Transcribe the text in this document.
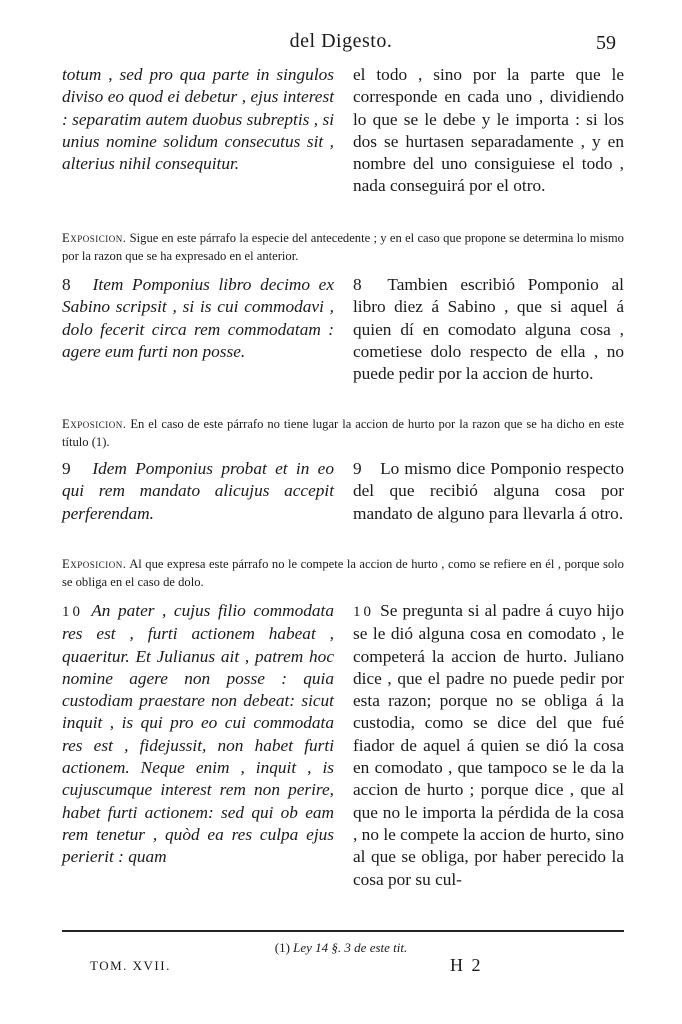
del Digesto.	59

totum , sed pro qua parte in singulos diviso eo quod ei debetur , ejus interest : separatim autem duobus subreptis , si unius nomine solidum consecutus sit , alterius nihil consequitur.

el todo , sino por la parte que le corresponde en cada uno , dividiendo lo que se le debe y le importa : si los dos se hurtasen separadamente , y en nombre del uno consiguiese el todo , nada conseguirá por el otro.

Exposicion. Sigue en este párrafo la especie del antecedente ; y en el caso que propone se determina lo mismo por la razon que se ha expresado en el anterior.

8 Item Pomponius libro decimo ex Sabino scripsit , si is cui commodavi , dolo fecerit circa rem commodatam : agere eum furti non posse.

8 Tambien escribió Pomponio al libro diez á Sabino , que si aquel á quien dí en comodato alguna cosa , cometiese dolo respecto de ella , no puede pedir por la accion de hurto.

Exposicion. En el caso de este párrafo no tiene lugar la accion de hurto por la razon que se ha dicho en este título (1).

9 Idem Pomponius probat et in eo qui rem mandato alicujus accepit perferendam.

9 Lo mismo dice Pomponio respecto del que recibió alguna cosa por mandato de alguno para llevarla á otro.

Exposicion. Al que expresa este párrafo no le compete la accion de hurto , como se refiere en él , porque solo se obliga en el caso de dolo.

10 An pater , cujus filio commodata res est , furti actionem habeat , quaeritur. Et Julianus ait , patrem hoc nomine agere non posse : quia custodiam praestare non debeat: sicut inquit , is qui pro eo cui commodata res est , fidejussit, non habet furti actionem. Neque enim , inquit , is cujuscumque interest rem non perire, habet furti actionem: sed qui ob eam rem tenetur , quòd ea res culpa ejus perierit : quam

10 Se pregunta si al padre á cuyo hijo se le dió alguna cosa en comodato , le competerá la accion de hurto. Juliano dice , que el padre no puede pedir por esta razon; porque no se obliga á la custodia, como se dice del que fué fiador de aquel á quien se dió la cosa en comodato , que tampoco se le da la accion de hurto ; porque dice , que al que no le importa la pérdida de la cosa , no le compete la accion de hurto, sino al que se obliga, por haber perecido la cosa por su cul-

(1) Ley 14 §. 3 de este tit.
TOM. XVII.	H 2
